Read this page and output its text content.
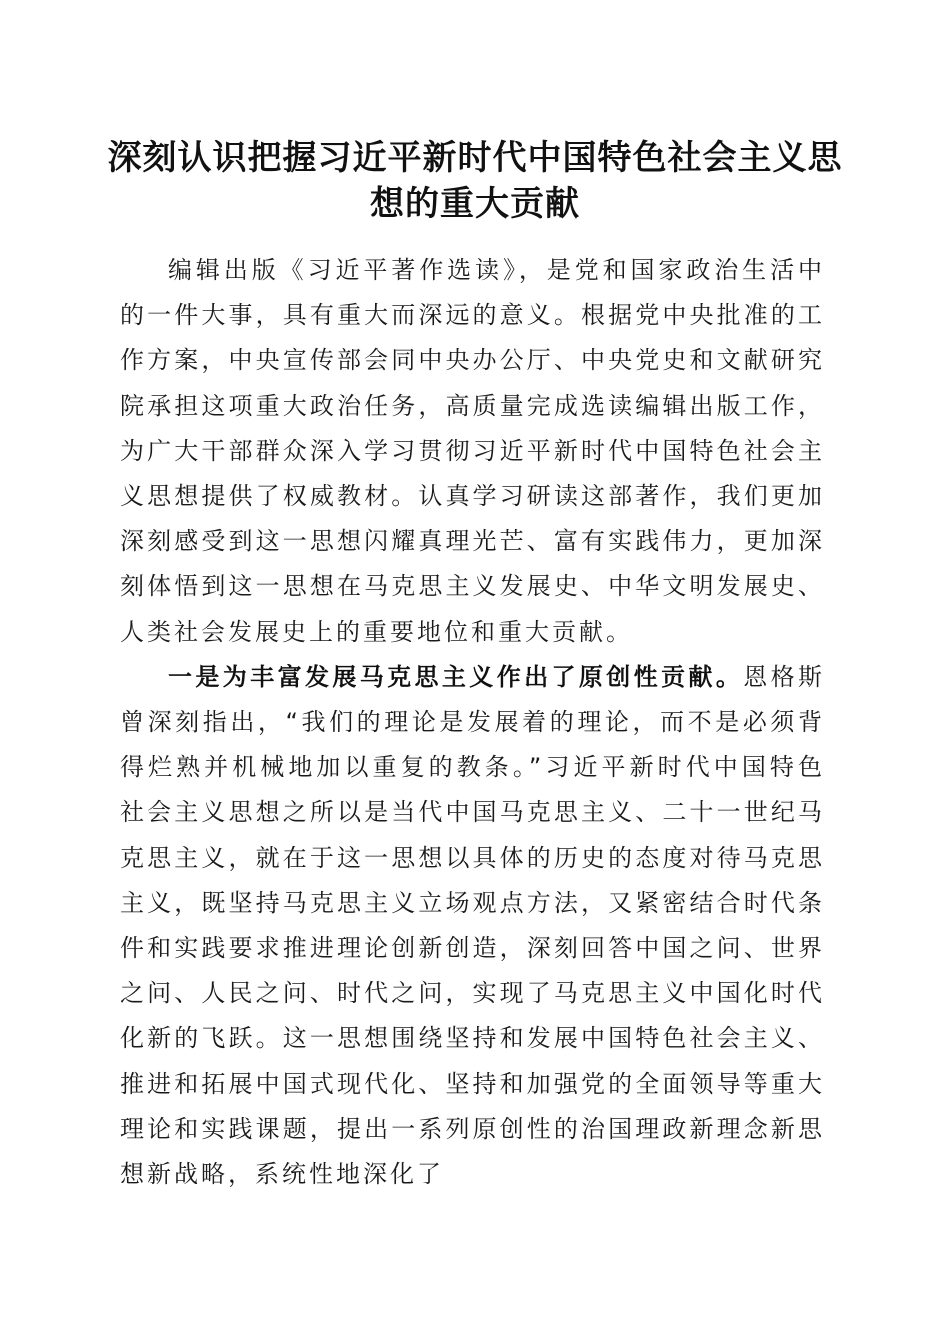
深刻认识把握习近平新时代中国特色社会主义思想的重大贡献

编辑出版《习近平著作选读》，是党和国家政治生活中的一件大事，具有重大而深远的意义。根据党中央批准的工作方案，中央宣传部会同中央办公厅、中央党史和文献研究院承担这项重大政治任务，高质量完成选读编辑出版工作，为广大干部群众深入学习贯彻习近平新时代中国特色社会主义思想提供了权威教材。认真学习研读这部著作，我们更加深刻感受到这一思想闪耀真理光芒、富有实践伟力，更加深刻体悟到这一思想在马克思主义发展史、中华文明发展史、人类社会发展史上的重要地位和重大贡献。

一是为丰富发展马克思主义作出了原创性贡献。恩格斯曾深刻指出，“我们的理论是发展着的理论，而不是必须背得烂熟并机械地加以重复的教条。”习近平新时代中国特色社会主义思想之所以是当代中国马克思主义、二十一世纪马克思主义，就在于这一思想以具体的历史的态度对待马克思主义，既坚持马克思主义立场观点方法，又紧密结合时代条件和实践要求推进理论创新创造，深刻回答中国之问、世界之问、人民之问、时代之问，实现了马克思主义中国化时代化新的飞跃。这一思想围绕坚持和发展中国特色社会主义、推进和拓展中国式现代化、坚持和加强党的全面领导等重大理论和实践课题，提出一系列原创性的治国理政新理念新思想新战略，系统性地深化了
